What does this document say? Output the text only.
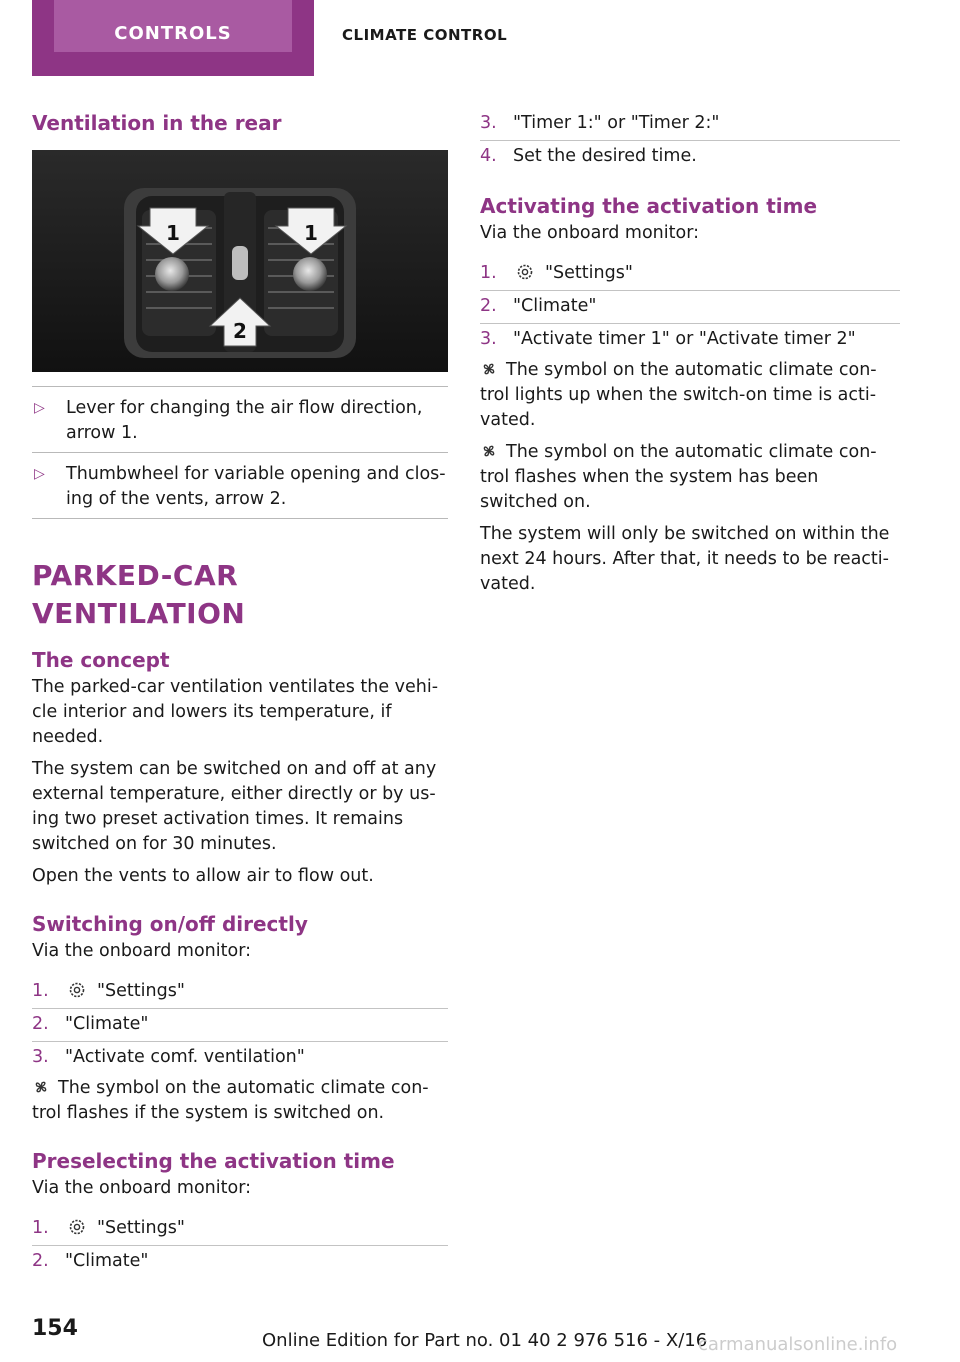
CONTROLS	CLIMATE CONTROL
Ventilation in the rear
1	1
2
▷ Lever for changing the air flow direction, arrow 1.
▷ Thumbwheel for variable opening and clos‐ing of the vents, arrow 2.
PARKED-CAR VENTILATION
The concept

The parked-car ventilation ventilates the vehi‐cle interior and lowers its temperature, if needed.

The system can be switched on and off at any external temperature, either directly or by us‐ing two preset activation times. It remains switched on for 30 minutes.

Open the vents to allow air to flow out.

Switching on/off directly

Via the onboard monitor:

1.	"Settings"
2. "Climate"
3. "Activate comf. ventilation"

The symbol on the automatic climate con‐trol flashes if the system is switched on.

Preselecting the activation time

Via the onboard monitor:

1.	"Settings"
2. "Climate"
3. "Timer 1:" or "Timer 2:"
4. Set the desired time.
Activating the activation time

Via the onboard monitor:

1.	"Settings"
2. "Climate"
3. "Activate timer 1" or "Activate timer 2"

The symbol on the automatic climate con‐trol lights up when the switch-on time is acti‐vated.

The symbol on the automatic climate con‐trol flashes when the system has been switched on.

The system will only be switched on within the next 24 hours. After that, it needs to be reacti‐vated.

154	Online Edition for Part no. 01 40 2 976 516 - X/16
carmanualsonline.info
